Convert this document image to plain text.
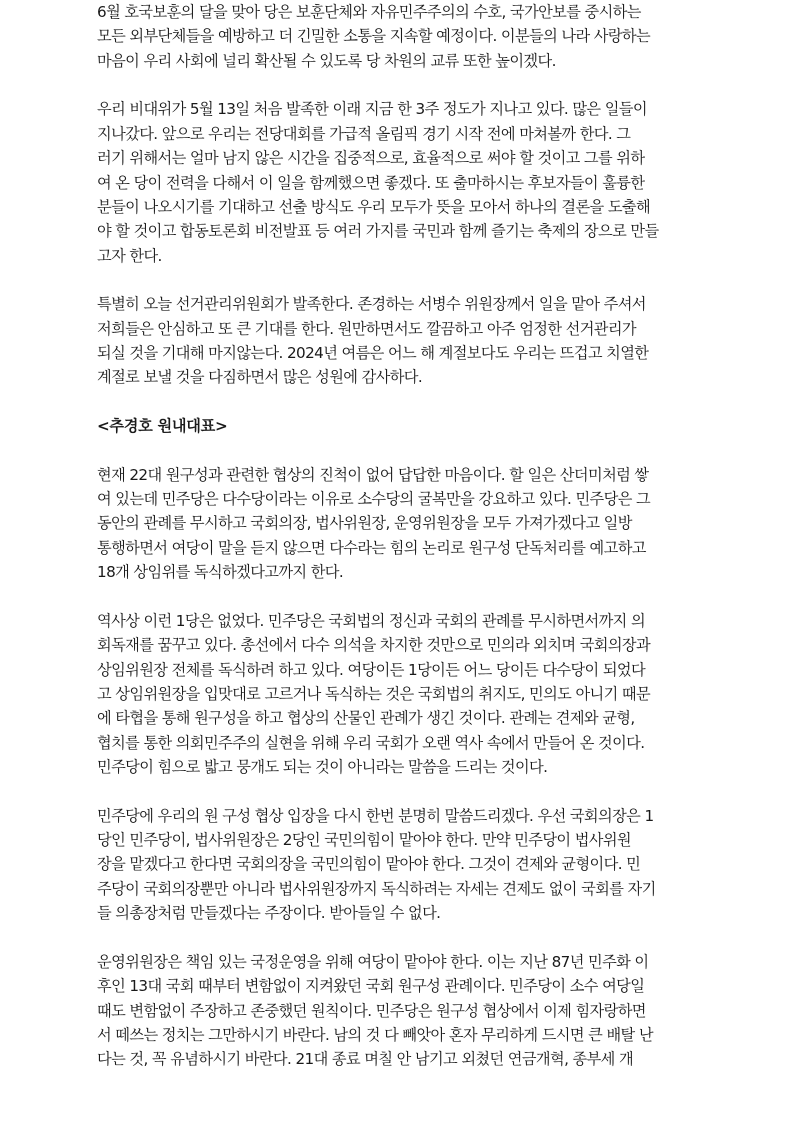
6월 호국보훈의 달을 맞아 당은 보훈단체와 자유민주주의의 수호, 국가안보를 중시하는
모든 외부단체들을 예방하고 더 긴밀한 소통을 지속할 예정이다. 이분들의 나라 사랑하는
마음이 우리 사회에 널리 확산될 수 있도록 당 차원의 교류 또한 높이겠다.
우리 비대위가 5월 13일 처음 발족한 이래 지금 한 3주 정도가 지나고 있다. 많은 일들이
지나갔다. 앞으로 우리는 전당대회를 가급적 올림픽 경기 시작 전에 마쳐볼까 한다. 그
러기 위해서는 얼마 남지 않은 시간을 집중적으로, 효율적으로 써야 할 것이고 그를 위하
여 온 당이 전력을 다해서 이 일을 함께했으면 좋겠다. 또 출마하시는 후보자들이 훌륭한
분들이 나오시기를 기대하고 선출 방식도 우리 모두가 뜻을 모아서 하나의 결론을 도출해
야 할 것이고 합동토론회 비전발표 등 여러 가지를 국민과 함께 즐기는 축제의 장으로 만들
고자 한다.
특별히 오늘 선거관리위원회가 발족한다. 존경하는 서병수 위원장께서 일을 맡아 주셔서
저희들은 안심하고 또 큰 기대를 한다. 원만하면서도 깔끔하고 아주 엄정한 선거관리가
되실 것을 기대해 마지않는다. 2024년 여름은 어느 해 계절보다도 우리는 뜨겁고 치열한
계절로 보낼 것을 다짐하면서 많은 성원에 감사하다.
<추경호 원내대표>
현재 22대 원구성과 관련한 협상의 진척이 없어 답답한 마음이다. 할 일은 산더미처럼 쌓
여 있는데 민주당은 다수당이라는 이유로 소수당의 굴복만을 강요하고 있다. 민주당은 그
동안의 관례를 무시하고 국회의장, 법사위원장, 운영위원장을 모두 가져가겠다고 일방
통행하면서 여당이 말을 듣지 않으면 다수라는 힘의 논리로 원구성 단독처리를 예고하고
18개 상임위를 독식하겠다고까지 한다.
역사상 이런 1당은 없었다. 민주당은 국회법의 정신과 국회의 관례를 무시하면서까지 의
회독재를 꿈꾸고 있다. 총선에서 다수 의석을 차지한 것만으로 민의라 외치며 국회의장과
상임위원장 전체를 독식하려 하고 있다. 여당이든 1당이든 어느 당이든 다수당이 되었다
고 상임위원장을 입맛대로 고르거나 독식하는 것은 국회법의 취지도, 민의도 아니기 때문
에 타협을 통해 원구성을 하고 협상의 산물인 관례가 생긴 것이다. 관례는 견제와 균형,
협치를 통한 의회민주주의 실현을 위해 우리 국회가 오랜 역사 속에서 만들어 온 것이다.
민주당이 힘으로 밟고 뭉개도 되는 것이 아니라는 말씀을 드리는 것이다.
민주당에 우리의 원 구성 협상 입장을 다시 한번 분명히 말씀드리겠다. 우선 국회의장은 1
당인 민주당이, 법사위원장은 2당인 국민의힘이 맡아야 한다. 만약 민주당이 법사위원
장을 맡겠다고 한다면 국회의장을 국민의힘이 맡아야 한다. 그것이 견제와 균형이다. 민
주당이 국회의장뿐만 아니라 법사위원장까지 독식하려는 자세는 견제도 없이 국회를 자기
들 의총장처럼 만들겠다는 주장이다. 받아들일 수 없다.
운영위원장은 책임 있는 국정운영을 위해 여당이 맡아야 한다. 이는 지난 87년 민주화 이
후인 13대 국회 때부터 변함없이 지켜왔던 국회 원구성 관례이다. 민주당이 소수 여당일
때도 변함없이 주장하고 존중했던 원칙이다. 민주당은 원구성 협상에서 이제 힘자랑하면
서 떼쓰는 정치는 그만하시기 바란다. 남의 것 다 빼앗아 혼자 무리하게 드시면 큰 배탈 난
다는 것, 꼭 유념하시기 바란다. 21대 종료 며칠 안 남기고 외쳤던 연금개혁, 종부세 개
